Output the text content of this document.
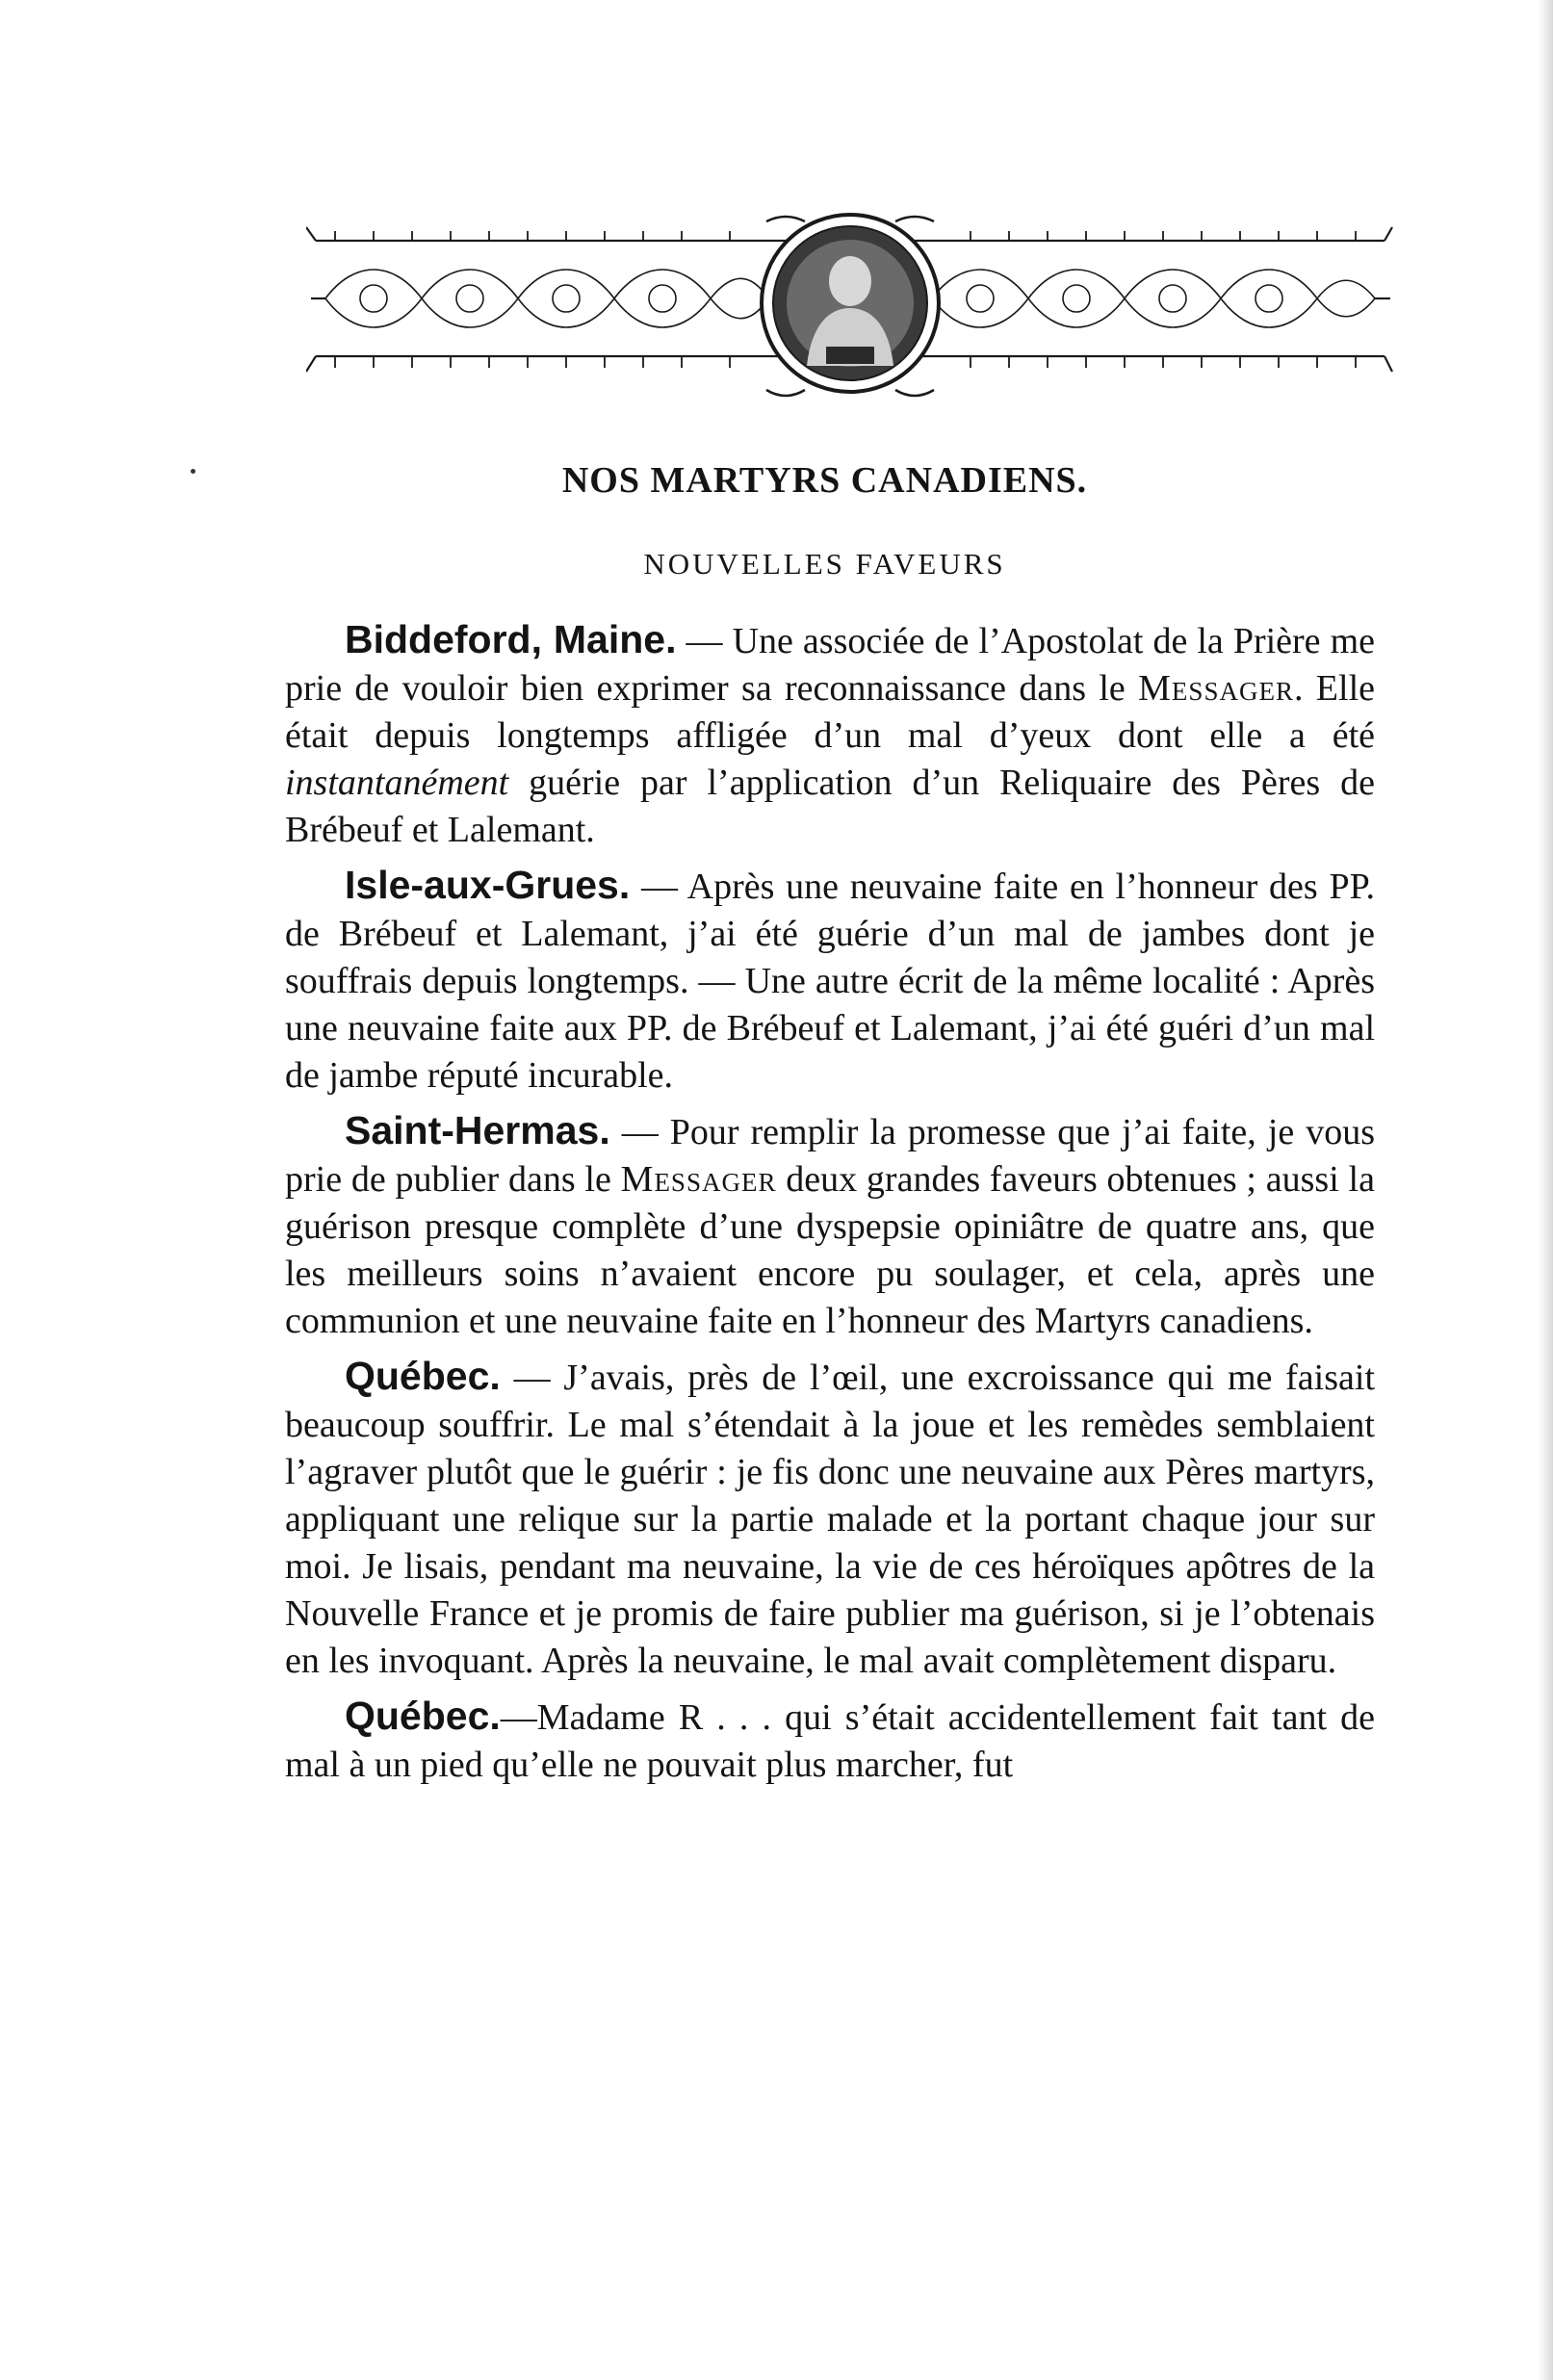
NOS MARTYRS CANADIENS.
NOUVELLES FAVEURS

Biddeford, Maine. — Une associée de l’Apostolat de la Prière me prie de vouloir bien exprimer sa reconnaissance dans le Messager. Elle était depuis longtemps affligée d’un mal d’yeux dont elle a été instantanément guérie par l’application d’un Reliquaire des Pères de Brébeuf et Lalemant.

Isle-aux-Grues. — Après une neuvaine faite en l’honneur des PP. de Brébeuf et Lalemant, j’ai été guérie d’un mal de jambes dont je souffrais depuis longtemps. — Une autre écrit de la même localité : Après une neuvaine faite aux PP. de Brébeuf et Lalemant, j’ai été guéri d’un mal de jambe réputé incurable.

Saint-Hermas. — Pour remplir la promesse que j’ai faite, je vous prie de publier dans le Messager deux grandes faveurs obtenues ; aussi la guérison presque complète d’une dyspepsie opiniâtre de quatre ans, que les meilleurs soins n’avaient encore pu soulager, et cela, après une communion et une neuvaine faite en l’honneur des Martyrs canadiens.

Québec. — J’avais, près de l’œil, une excroissance qui me faisait beaucoup souffrir. Le mal s’étendait à la joue et les remèdes semblaient l’agraver plutôt que le guérir : je fis donc une neuvaine aux Pères martyrs, appliquant une relique sur la partie malade et la portant chaque jour sur moi. Je lisais, pendant ma neuvaine, la vie de ces héroïques apôtres de la Nouvelle France et je promis de faire publier ma guérison, si je l’obtenais en les invoquant. Après la neuvaine, le mal avait complètement disparu.

Québec.—Madame R . . . qui s’était accidentellement fait tant de mal à un pied qu’elle ne pouvait plus marcher, fut
